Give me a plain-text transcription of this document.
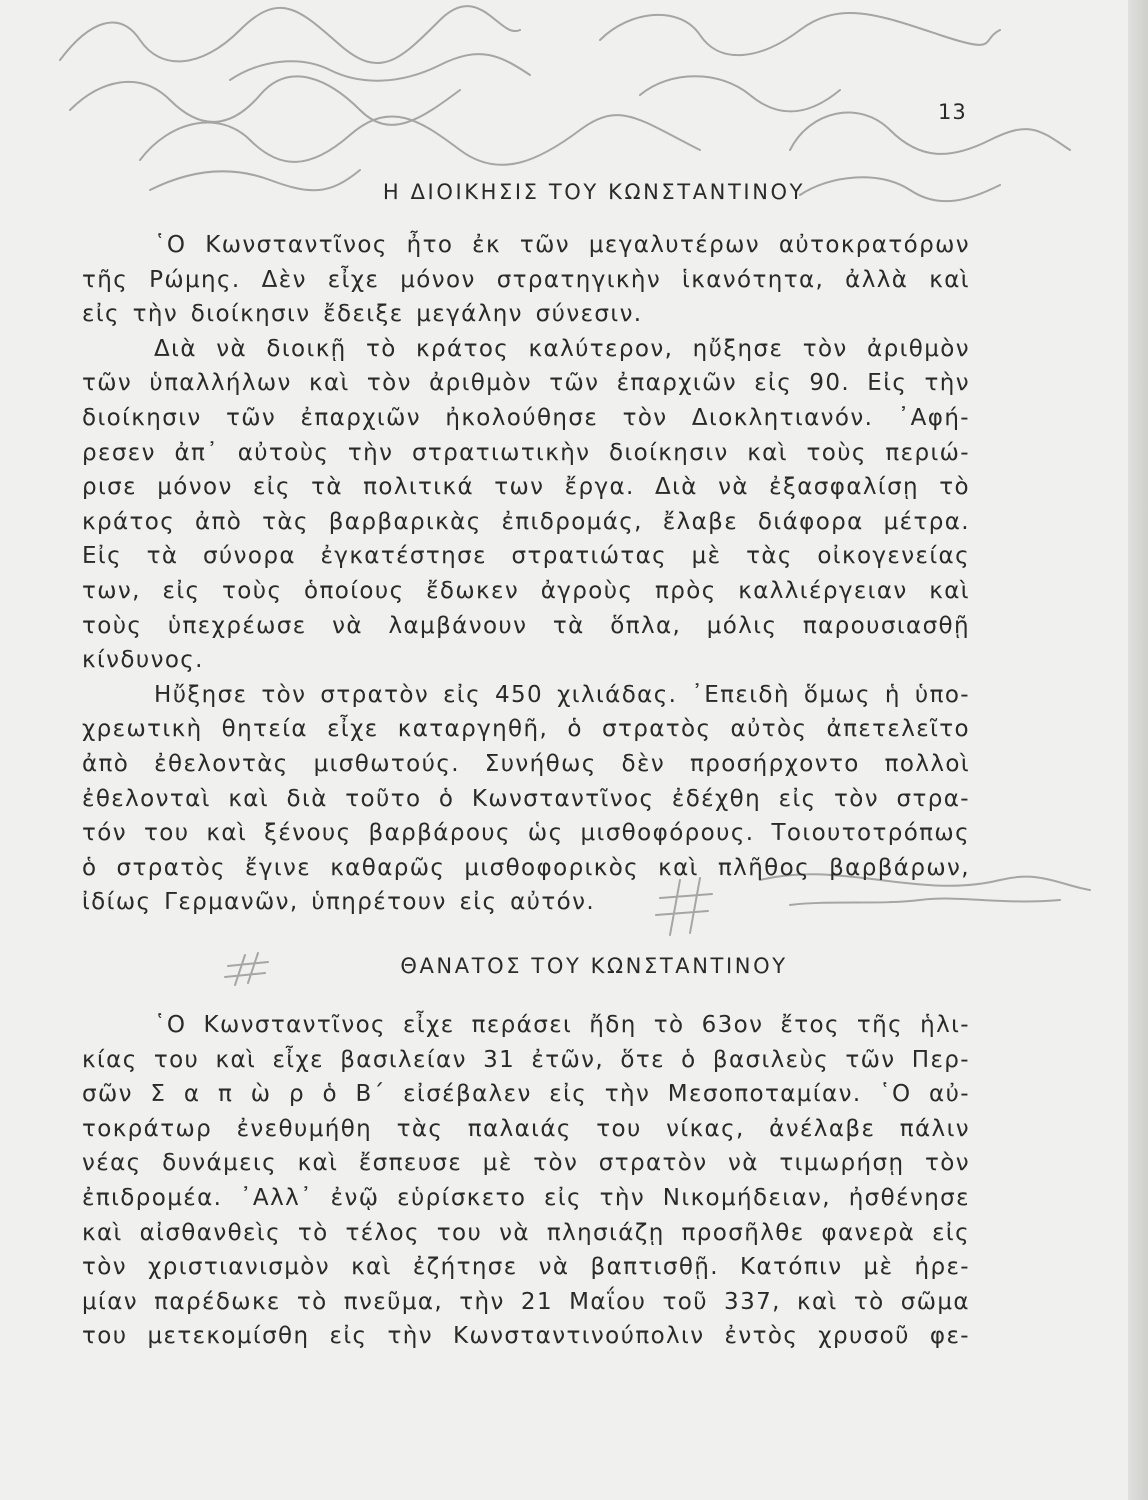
13
Η ΔΙΟΙΚΗΣΙΣ ΤΟΥ ΚΩΝΣΤΑΝΤΙΝΟΥ
῾Ο Κωνσταντῖνος ἦτο ἐκ τῶν μεγαλυτέρων αὐτοκρατόρων
τῆς Ρώμης. Δὲν εἶχε μόνον στρατηγικὴν ἱκανότητα, ἀλλὰ καὶ
εἰς τὴν διοίκησιν ἔδειξε μεγάλην σύνεσιν.
Διὰ νὰ διοικῇ τὸ κράτος καλύτερον, ηὔξησε τὸν ἀριθμὸν
τῶν ὑπαλλήλων καὶ τὸν ἀριθμὸν τῶν ἐπαρχιῶν εἰς 90. Εἰς τὴν
διοίκησιν τῶν ἐπαρχιῶν ἠκολούθησε τὸν Διοκλητιανόν. ᾿Αφή-
ρεσεν ἀπ᾿ αὐτοὺς τὴν στρατιωτικὴν διοίκησιν καὶ τοὺς περιώ-
ρισε μόνον εἰς τὰ πολιτικά των ἔργα. Διὰ νὰ ἐξασφαλίσῃ τὸ
κράτος ἀπὸ τὰς βαρβαρικὰς ἐπιδρομάς, ἔλαβε διάφορα μέτρα.
Εἰς τὰ σύνορα ἐγκατέστησε στρατιώτας μὲ τὰς οἰκογενείας
των, εἰς τοὺς ὁποίους ἔδωκεν ἀγροὺς πρὸς καλλιέργειαν καὶ
τοὺς ὑπεχρέωσε νὰ λαμβάνουν τὰ ὅπλα, μόλις παρουσιασθῇ
κίνδυνος.
Ηὔξησε τὸν στρατὸν εἰς 450 χιλιάδας. ᾿Επειδὴ ὅμως ἡ ὑπο-
χρεωτικὴ θητεία εἶχε καταργηθῆ, ὁ στρατὸς αὐτὸς ἀπετελεῖτο
ἀπὸ ἐθελοντὰς μισθωτούς. Συνήθως δὲν προσήρχοντο πολλοὶ
ἐθελονταὶ καὶ διὰ τοῦτο ὁ Κωνσταντῖνος ἐδέχθη εἰς τὸν στρα-
τόν του καὶ ξένους βαρβάρους ὡς μισθοφόρους. Τοιουτοτρόπως
ὁ στρατὸς ἔγινε καθαρῶς μισθοφορικὸς καὶ πλῆθος βαρβάρων,
ἰδίως Γερμανῶν, ὑπηρέτουν εἰς αὐτόν.
ΘΑΝΑΤΟΣ ΤΟΥ ΚΩΝΣΤΑΝΤΙΝΟΥ
῾Ο Κωνσταντῖνος εἶχε περάσει ἤδη τὸ 63ον ἔτος τῆς ἡλι-
κίας του καὶ εἶχε βασιλείαν 31 ἐτῶν, ὅτε ὁ βασιλεὺς τῶν Περ-
σῶν Σ α π ὼ ρ ὁ Β΄ εἰσέβαλεν εἰς τὴν Μεσοποταμίαν. ῾Ο αὐ-
τοκράτωρ ἐνεθυμήθη τὰς παλαιάς του νίκας, ἀνέλαβε πάλιν
νέας δυνάμεις καὶ ἔσπευσε μὲ τὸν στρατὸν νὰ τιμωρήσῃ τὸν
ἐπιδρομέα. ᾿Αλλ᾿ ἐνῷ εὑρίσκετο εἰς τὴν Νικομήδειαν, ἠσθένησε
καὶ αἰσθανθεὶς τὸ τέλος του νὰ πλησιάζῃ προσῆλθε φανερὰ εἰς
τὸν χριστιανισμὸν καὶ ἐζήτησε νὰ βαπτισθῇ. Κατόπιν μὲ ἠρε-
μίαν παρέδωκε τὸ πνεῦμα, τὴν 21 Μαΐου τοῦ 337, καὶ τὸ σῶμα
του μετεκομίσθη εἰς τὴν Κωνσταντινούπολιν ἐντὸς χρυσοῦ φε-
